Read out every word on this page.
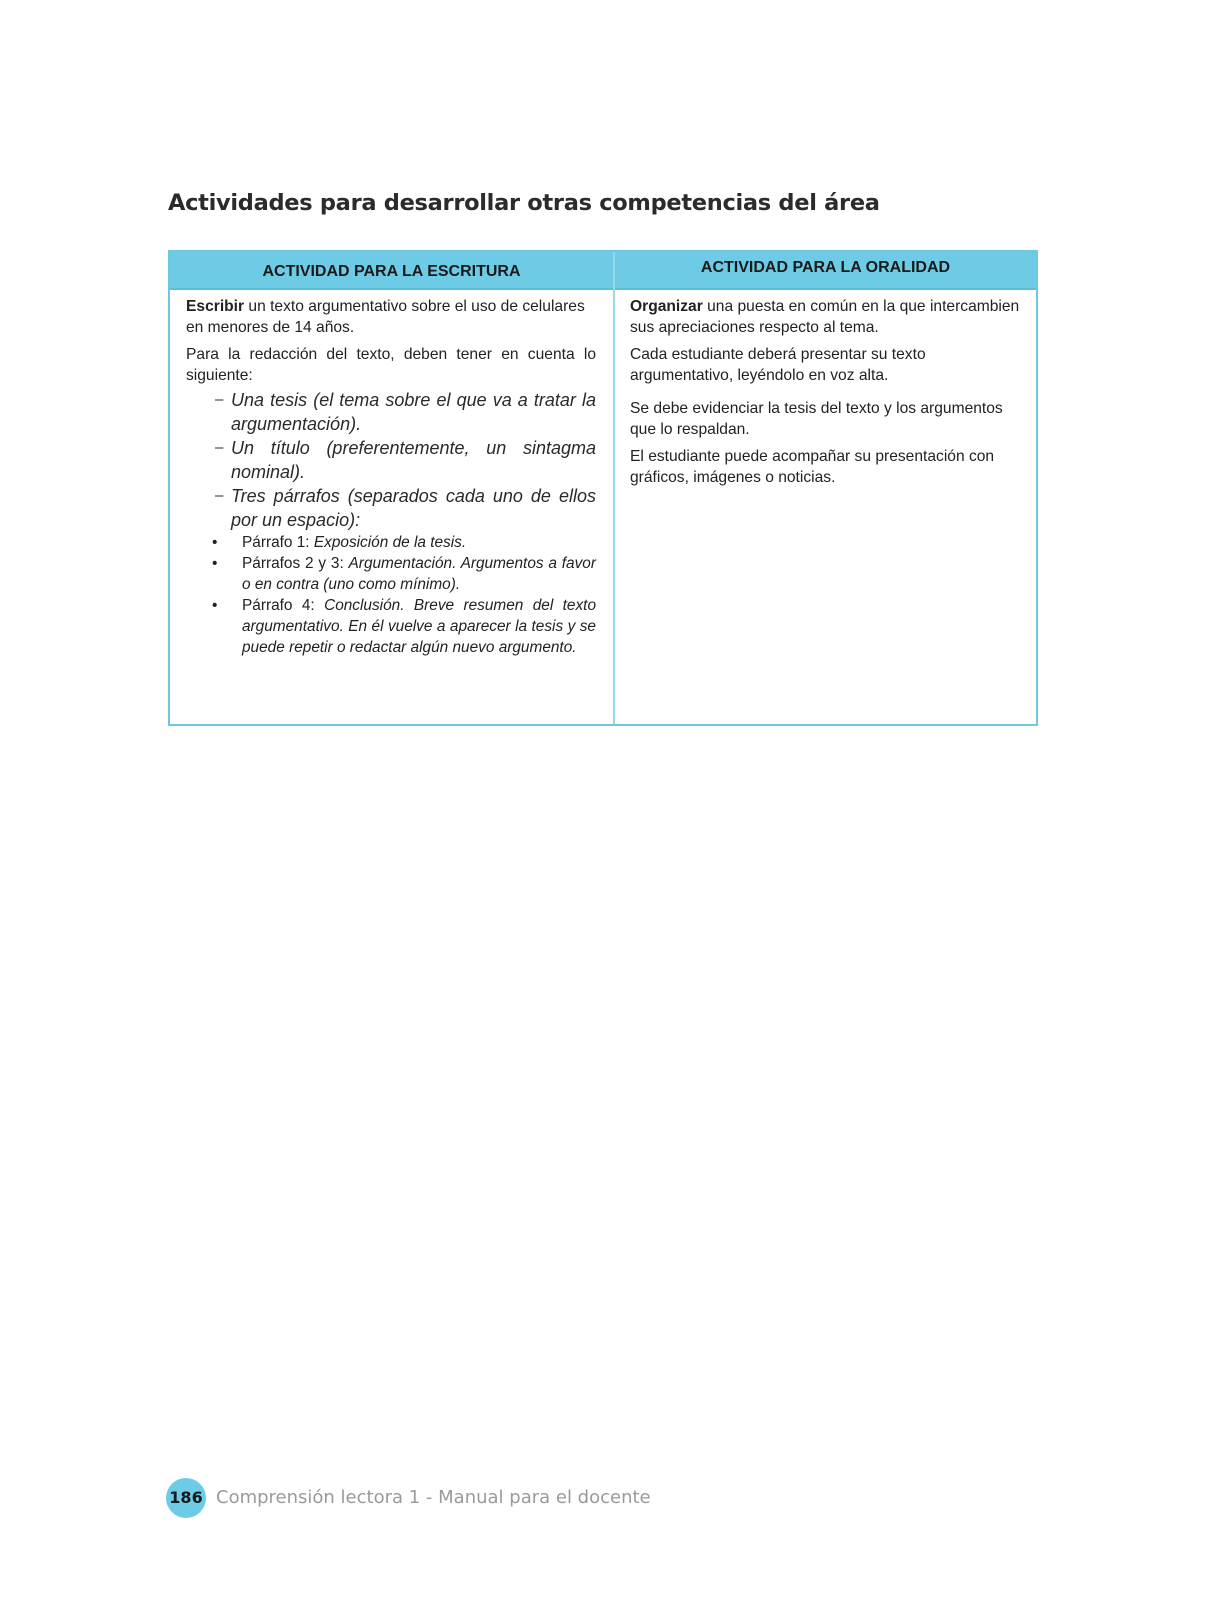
Actividades para desarrollar otras competencias del área
ACTIVIDAD PARA LA ESCRITURA	ACTIVIDAD PARA LA ORALIDAD

Escribir un texto argumentativo sobre el uso de celulares en menores de 14 años.

Para la redacción del texto, deben tener en cuenta lo siguiente:

– Una tesis (el tema sobre el que va a tratar la argumentación).
– Un título (preferentemente, un sintagma nominal).
– Tres párrafos (separados cada uno de ellos por un espacio):
• Párrafo 1: Exposición de la tesis.
• Párrafos 2 y 3: Argumentación. Argumentos a favor o en contra (uno como mínimo).
• Párrafo 4: Conclusión. Breve resumen del texto argumentativo. En él vuelve a aparecer la tesis y se puede repetir o redactar algún nuevo argumento.

Organizar una puesta en común en la que intercambien sus apreciaciones respecto al tema.

Cada estudiante deberá presentar su texto argumentativo, leyéndolo en voz alta.

Se debe evidenciar la tesis del texto y los argumentos que lo respaldan.

El estudiante puede acompañar su presentación con gráficos, imágenes o noticias.

186 Comprensión lectora 1 - Manual para el docente
